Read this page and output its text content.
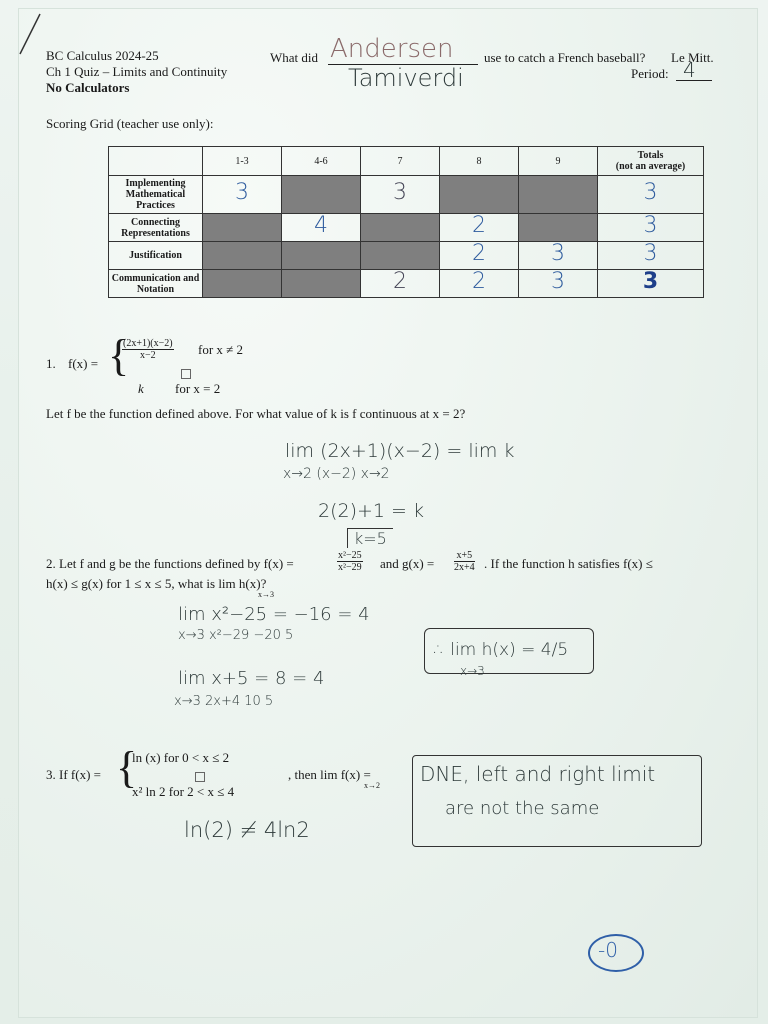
BC Calculus 2024-25
Ch 1 Quiz – Limits and Continuity
No Calculators
What did Andersen
Tamiverdi
use to catch a French baseball? Le Mitt.
Period: 4
Scoring Grid (teacher use only):
	1-3	4-6	7	8	9	Totals
(not an average)

Implementing Mathematical Practices	3		3			3
Connecting Representations		4		2		3
Justification				2	3	3
Communication and Notation			2	2	3	3
1. f(x) = {
$\frac{(2x+1)(x-2)}{x-2}$ for x ≠ 2
k for x = 2
Let f be the function defined above. For what value of k is f continuous at x = 2?
lim (2x+1)(x−2) = lim k
x→2 (x−2) x→2
2(2)+1 = k
k=5
2. Let f and g be the functions defined by f(x) =	$\frac{\text{x²−25}}{\text{x²−29}}$ and $g(x) = \frac{x+5}{2x+4}$ . If the function h satisfies f(x) ≤
h(x) ≤ g(x) for 1 ≤ x ≤ 5, what is lim h(x)?
x→3
lim x²−25 = −16 = 4
x→3 x²−29 −20 5
lim x+5 = 8 = 4
x→3 2x+4 10 5
∴ lim h(x) = 4/5
x→3
3. If f(x) = {
ln (x) for 0 < x ≤ 2
x² ln 2 for 2 < x ≤ 4
, then lim f(x) =
x→2 DNE, left and right limit
are not the same
ln(2) ≠ 4ln2
-0
